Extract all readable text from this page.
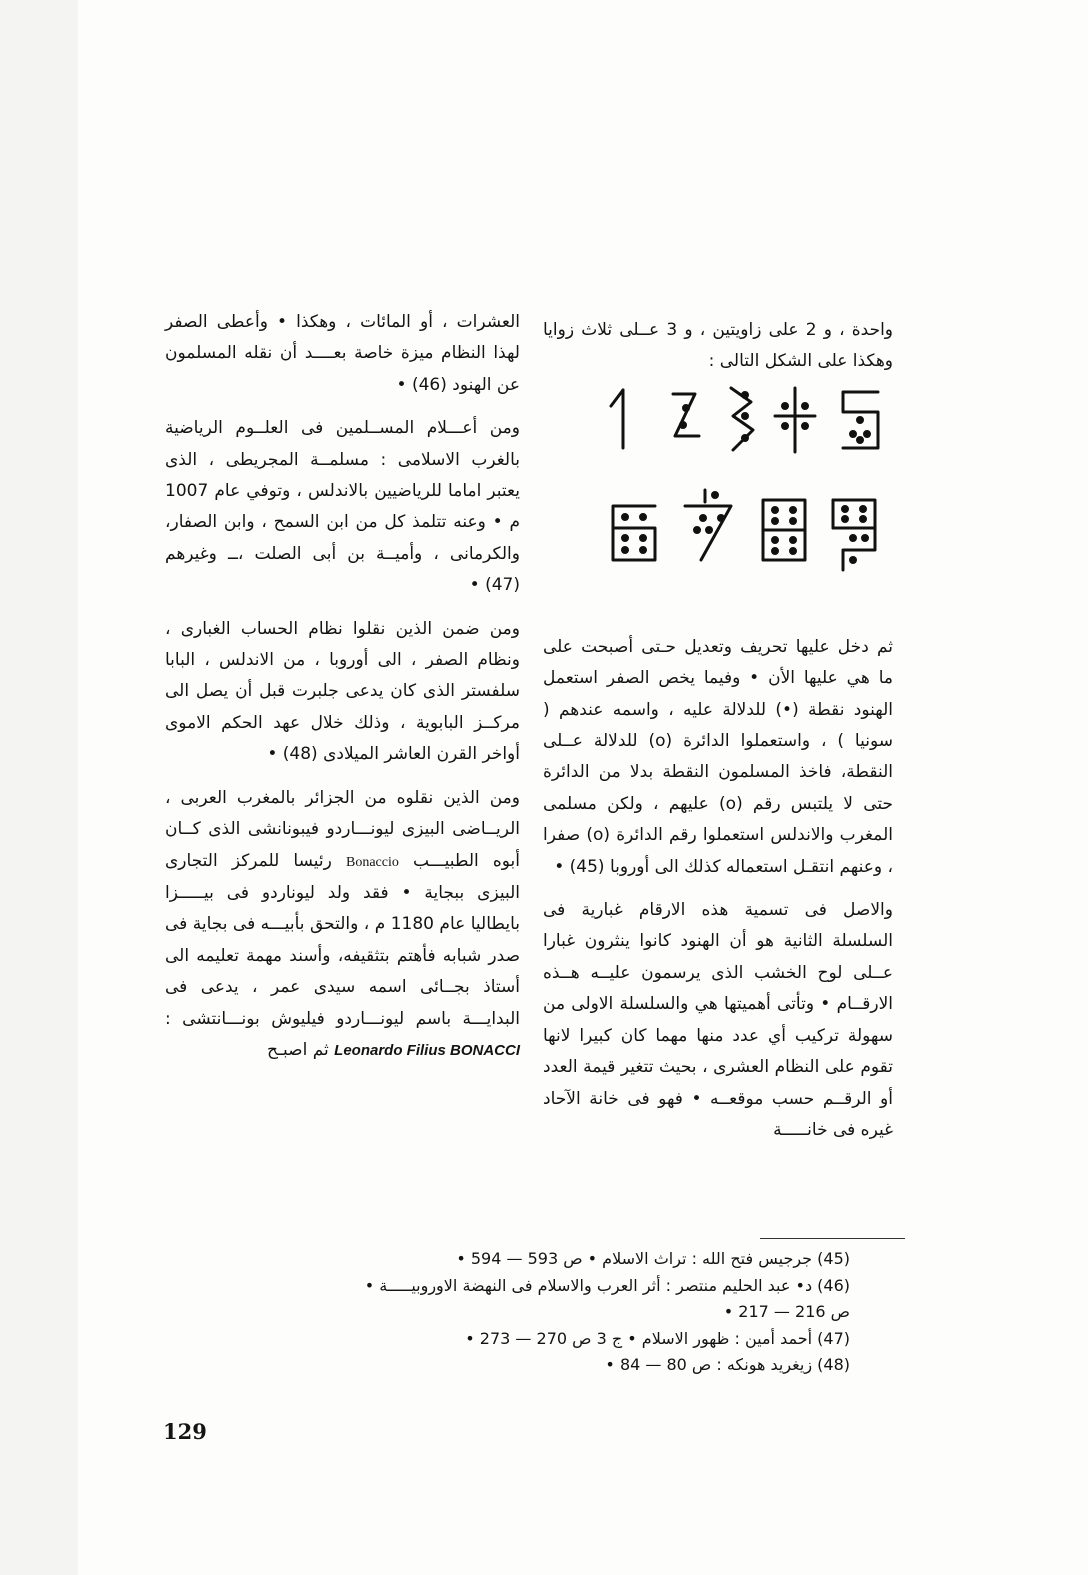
واحدة ، و 2 على زاويتين ، و 3 عــلى ثلاث زوايا وهكذا على الشكل التالى :

1	2	3	4	5
6	7	8	9

ثم دخل عليها تحريف وتعديل حـتى أصبحت على ما هي عليها الأن • وفيما يخص الصفر استعمل الهنود نقطة (•) للدلالة عليه ، واسمه عندهم ( سونيا ) ، واستعملوا الدائرة (o) للدلالة عــلى النقطة، فاخذ المسلمون النقطة بدلا من الدائرة حتى لا يلتبس رقم (o) عليهم ، ولكن مسلمى المغرب والاندلس استعملوا رقم الدائرة (o) صفرا ، وعنهم انتقـل استعماله كذلك الى أوروبا (45) •

والاصل فى تسمية هذه الارقام غبارية فى السلسلة الثانية هو أن الهنود كانوا ينثرون غبارا عــلى لوح الخشب الذى يرسمون عليــه هــذه الارقــام • وتأتى أهميتها هي والسلسلة الاولى من سهولة تركيب أي عدد منها مهما كان كبيرا لانها تقوم على النظام العشرى ، بحيث تتغير قيمة العدد أو الرقــم حسب موقعــه • فهو فى خانة الآحاد غيره فى خانـــــة

العشرات ، أو المائات ، وهكذا • وأعطى الصفر لهذا النظام ميزة خاصة بعــــد أن نقله المسلمون عن الهنود (46) •

ومن أعـــلام المســلمين فى العلــوم الرياضية بالغرب الاسلامى : مسلمــة المجريطى ، الذى يعتبر اماما للرياضيين بالاندلس ، وتوفي عام 1007 م • وعنه تتلمذ كل من ابن السمح ، وابن الصفار، والكرمانى ، وأميــة بن أبى الصلت ،ــ وغيرهم (47) •

ومن ضمن الذين نقلوا نظام الحساب الغبارى ، ونظام الصفر ، الى أوروبا ، من الاندلس ، البابا سلفستر الذى كان يدعى جلبرت قبل أن يصل الى مركــز البابوية ، وذلك خلال عهد الحكم الاموى أواخر القرن العاشر الميلادى (48) •

ومن الذين نقلوه من الجزائر بالمغرب العربى ، الريــاضى البيزى ليونـــاردو فيبونانشى الذى كــان أبوه الطبيـــب Bonaccio رئيسا للمركز التجارى البيزى ببجاية • فقد ولد ليوناردو فى بيـــــزا بايطاليا عام 1180 م ، والتحق بأبيـــه فى بجاية فى صدر شبابه فأهتم بتثقيفه، وأسند مهمة تعليمه الى أستاذ بجــائى اسمه سيدى عمر ، يدعى فى البدايـــة باسم ليونـــاردو فيليوش بونـــانتشى : Leonardo Filius BONACCI ثم اصبـح

(45) جرجيس فتح الله : تراث الاسلام • ص 593 — 594 •

(46) د• عبد الحليم منتصر : أثر العرب والاسلام فى النهضة الاوروبيـــــة •
ص 216 — 217 •

(47) أحمد أمين : ظهور الاسلام • ج 3 ص 270 — 273 •

(48) زيغريد هونكه : ص 80 — 84 •

129
